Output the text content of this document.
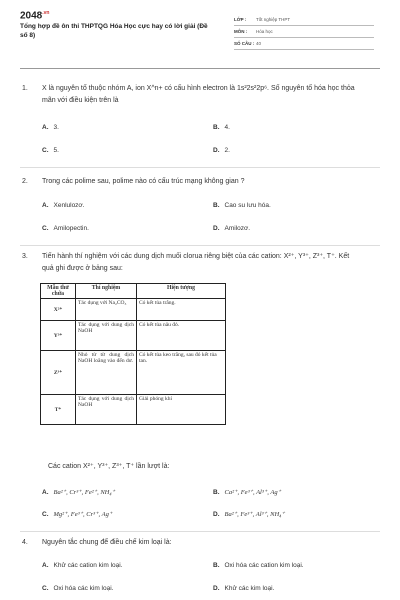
$2048^{.vn}$
Tổng hợp đề ôn thi THPTQG Hóa Học cực hay có lời giải (Đề số 8)
LỚP :	Tốt nghiệp THPT
MÔN :	Hóa học
SỐ CÂU : 40
1. X là nguyên tố thuộc nhóm A, ion X^n+ có cấu hình electron là 1s²2s²2p⁶. Số nguyên tố hóa học thỏa mãn với điều kiện trên là
A. 3.	B. 4.
C. 5.	D. 2.
2. Trong các polime sau, polime nào có cấu trúc mạng không gian ?
A. Xenlulozơ.	B. Cao su lưu hóa.
C. Amilopectin.	D. Amilozơ.
3. Tiến hành thí nghiệm với các dung dịch muối clorua riêng biệt của các cation: X²⁺, Y³⁺, Z³⁺, T⁺. Kết quả ghi được ở bảng sau:
Mẫu thử chứa	Thí nghiệm	Hiện tượng
X²⁺	Tác dụng với Na₂CO₃	Có kết tủa trắng.
Y³⁺	Tác dụng với dung dịch NaOH	Có kết tủa nâu đỏ.
Z³⁺	Nhỏ từ từ dung dịch NaOH loãng vào đến dư.	Có kết tủa keo trắng, sau đó kết tủa tan.
T⁺	Tác dụng với dung dịch NaOH	Giải phóng khí
Các cation X²⁺, Y³⁺, Z³⁺, T⁺ lần lượt là:
A. Ba²⁺, Cr³⁺, Fe²⁺, NH₄⁺	B. Ca²⁺, Fe³⁺, Al³⁺, Ag⁺
C. Mg²⁺, Fe³⁺, Cr³⁺, Ag⁺	D. Ba²⁺, Fe³⁺, Al³⁺, NH₄⁺
4. Nguyên tắc chung để điều chế kim loại là:
A. Khử các cation kim loại.	B. Oxi hóa các cation kim loại.
C. Oxi hóa các kim loại.	D. Khử các kim loại.
